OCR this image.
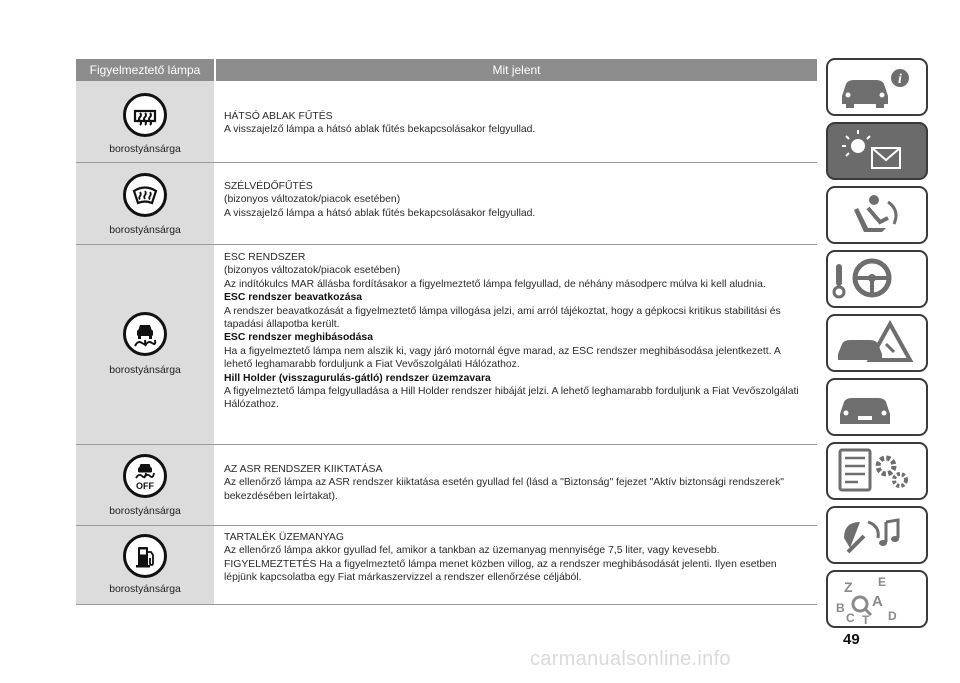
Figyelmeztető lámpa	Mit jelent
borostyánsárga
HÁTSÓ ABLAK FŰTÉS
A visszajelző lámpa a hátsó ablak fűtés bekapcsolásakor felgyullad.
borostyánsárga
SZÉLVÉDŐFŰTÉS
(bizonyos változatok/piacok esetében)
A visszajelző lámpa a hátsó ablak fűtés bekapcsolásakor felgyullad.
borostyánsárga
ESC RENDSZER
(bizonyos változatok/piacok esetében)
Az indítókulcs MAR állásba fordításakor a figyelmeztető lámpa felgyullad, de néhány másodperc múlva ki kell aludnia.
ESC rendszer beavatkozása
A rendszer beavatkozását a figyelmeztető lámpa villogása jelzi, ami arról tájékoztat, hogy a gépkocsi kritikus stabilitási és tapadási állapotba került.
ESC rendszer meghibásodása
Ha a figyelmeztető lámpa nem alszik ki, vagy járó motornál égve marad, az ESC rendszer meghibásodása jelentkezett. A lehető leghamarabb forduljunk a Fiat Vevőszolgálati Hálózathoz.
Hill Holder (visszagurulás-gátló) rendszer üzemzavara
A figyelmeztető lámpa felgyulladása a Hill Holder rendszer hibáját jelzi. A lehető leghamarabb forduljunk a Fiat Vevőszolgálati Hálózathoz.
OFF
borostyánsárga
AZ ASR RENDSZER KIIKTATÁSA
Az ellenőrző lámpa az ASR rendszer kiiktatása esetén gyullad fel (lásd a "Biztonság" fejezet "Aktív biztonsági rendszerek" bekezdésében leírtakat).
borostyánsárga
TARTALÉK ÜZEMANYAG
Az ellenőrző lámpa akkor gyullad fel, amikor a tankban az üzemanyag mennyisége 7,5 liter, vagy kevesebb. FIGYELMEZTETÉS Ha a figyelmeztető lámpa menet közben villog, az a rendszer meghibásodását jelenti. Ilyen esetben lépjünk kapcsolatba egy Fiat márkaszervizzel a rendszer ellenőrzése céljából.
i
Z E
B A
C T D
49
carmanualsonline.info
